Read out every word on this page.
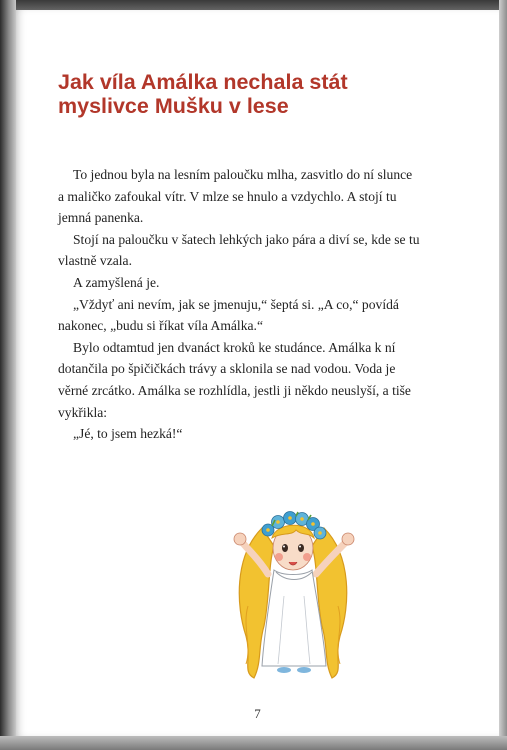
Jak víla Amálka nechala stát
myslivce Mušku v lese
To jednou byla na lesním paloučku mlha, zasvitlo do ní slunce
a maličko zafoukal vítr. V mlze se hnulo a vzdychlo. A stojí tu
jemná panenka.
Stojí na paloučku v šatech lehkých jako pára a diví se, kde se tu
vlastně vzala.
A zamyšlená je.
„Vždyť ani nevím, jak se jmenuju,“ šeptá si. „A co,“ povídá
nakonec, „budu si říkat víla Amálka.“
Bylo odtamtud jen dvanáct kroků ke studánce. Amálka k ní
dotančila po špičičkách trávy a sklonila se nad vodou. Voda je
věrné zrcátko. Amálka se rozhlídla, jestli ji někdo neuslyší, a tiše
vykřikla:
„Jé, to jsem hezká!“
7
